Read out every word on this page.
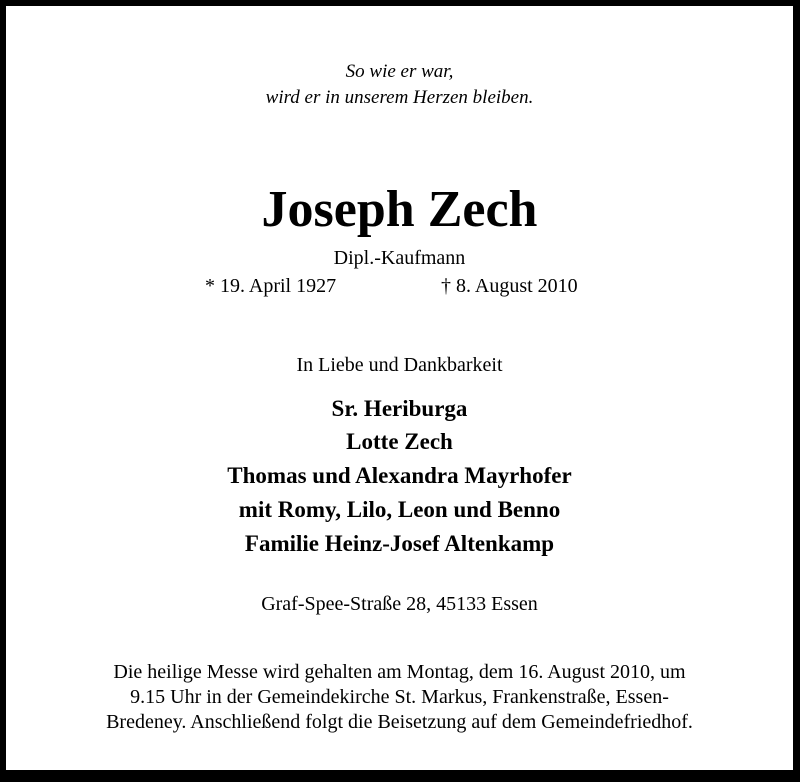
So wie er war,
wird er in unserem Herzen bleiben.
Joseph Zech
Dipl.-Kaufmann
* 19. April 1927	† 8. August 2010
In Liebe und Dankbarkeit
Sr. Heriburga
Lotte Zech
Thomas und Alexandra Mayrhofer
mit Romy, Lilo, Leon und Benno
Familie Heinz-Josef Altenkamp
Graf-Spee-Straße 28, 45133 Essen
Die heilige Messe wird gehalten am Montag, dem 16. August 2010, um
9.15 Uhr in der Gemeindekirche St. Markus, Frankenstraße, Essen-
Bredeney. Anschließend folgt die Beisetzung auf dem Gemeindefriedhof.
